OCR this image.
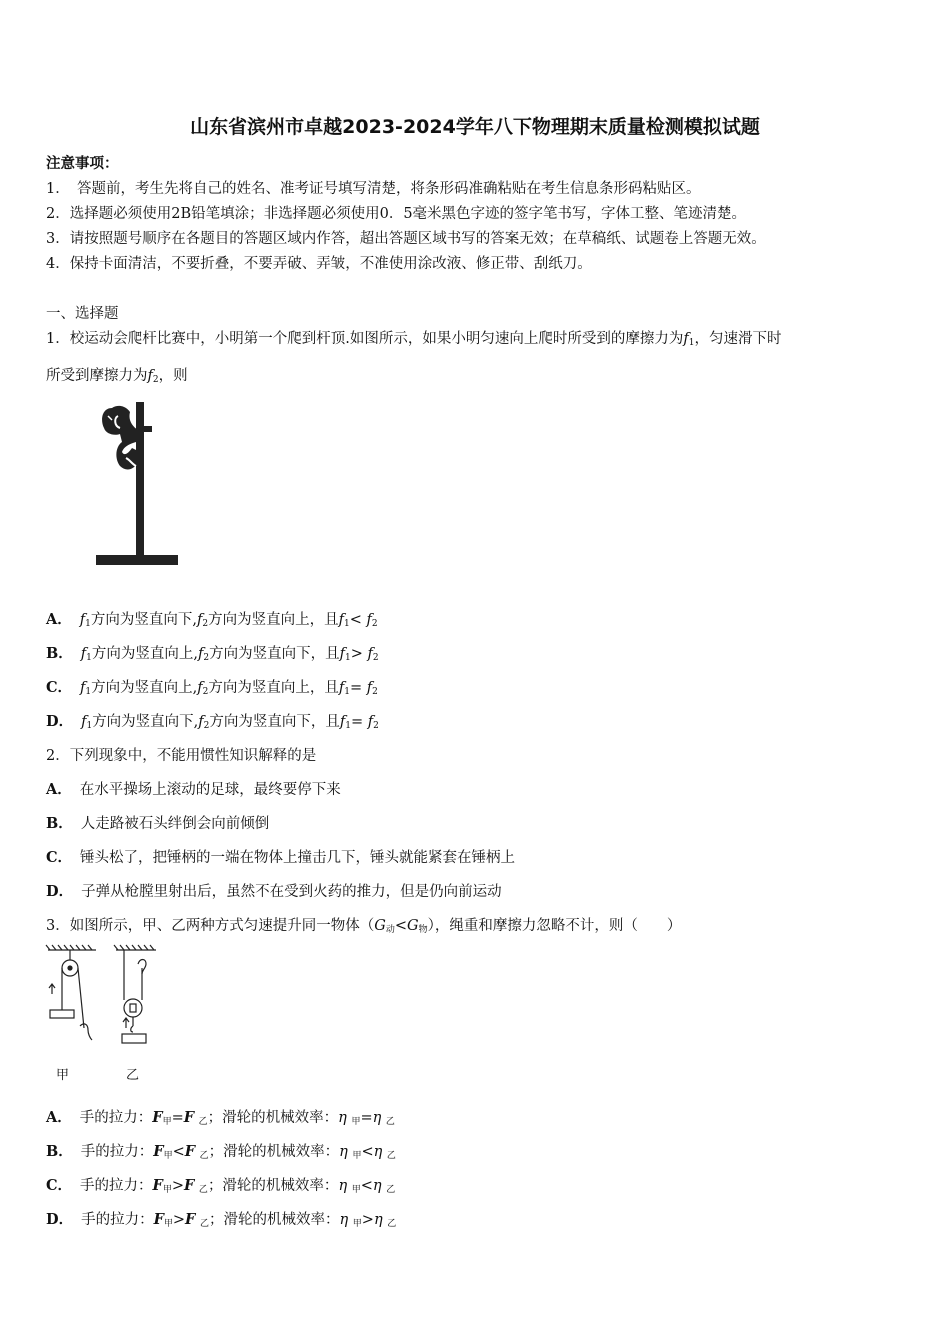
山东省滨州市卓越2023-2024学年八下物理期末质量检测模拟试题
注意事项：
1．　答题前，考生先将自己的姓名、准考证号填写清楚，将条形码准确粘贴在考生信息条形码粘贴区。
2．选择题必须使用2B铅笔填涂；非选择题必须使用0．5毫米黑色字迹的签字笔书写，字体工整、笔迹清楚。
3．请按照题号顺序在各题目的答题区域内作答，超出答题区域书写的答案无效；在草稿纸、试题卷上答题无效。
4．保持卡面清洁，不要折叠，不要弄破、弄皱，不准使用涂改液、修正带、刮纸刀。
一、选择题
1．校运动会爬杆比赛中，小明第一个爬到杆顶.如图所示，如果小明匀速向上爬时所受到的摩擦力为$f_1$，匀速滑下时
所受到摩擦力为$f_2$，则
A． $f_1$方向为竖直向下$,f_2$方向为竖直向上，且$f_1< f_2$
B． $f_1$方向为竖直向上$,f_2$方向为竖直向下，且$f_1> f_2$
C． $f_1$方向为竖直向上$,f_2$方向为竖直向上，且$f_1= f_2$
D． $f_1$方向为竖直向下$,f_2$方向为竖直向下，且$f_1= f_2$
2．下列现象中，不能用惯性知识解释的是
A． 在水平操场上滚动的足球，最终要停下来
B． 人走路被石头绊倒会向前倾倒
C． 锤头松了，把锤柄的一端在物体上撞击几下，锤头就能紧套在锤柄上
D． 子弹从枪膛里射出后，虽然不在受到火药的推力，但是仍向前运动
3．如图所示，甲、乙两种方式匀速提升同一物体$(G_动<G_物)$，绳重和摩擦力忽略不计，则（　　）
甲	乙
A． 手的拉力：$F_甲=F$ $_乙$；滑轮的机械效率：η $_甲$=η $_乙$
B． 手的拉力：$F_甲<F$ $_乙$；滑轮的机械效率：η $_甲$<η $_乙$
C． 手的拉力：$F_甲>F$ $_乙$；滑轮的机械效率：η $_甲$<η $_乙$
D． 手的拉力：$F_甲>F$ $_乙$；滑轮的机械效率：η $_甲$>η $_乙$
